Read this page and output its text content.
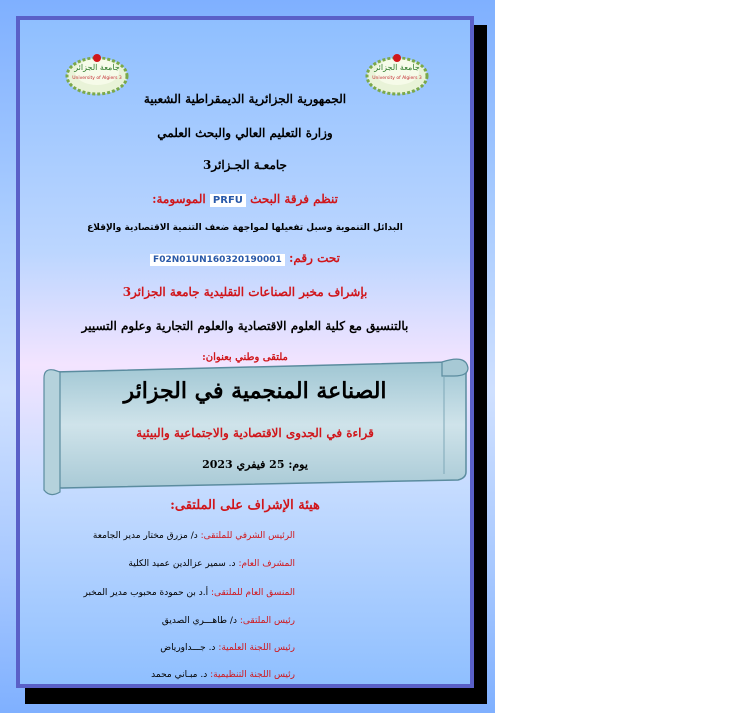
جامعة الجزائر
University of Algiers 3
جامعة الجزائر
University of Algiers 3
الجمهورية الجزائرية الديمقراطية الشعبية
وزارة التعليم العالي والبحث العلمي
جامعـة الجـزائر3
تنظم فرقة البحث PRFU الموسومة:
البدائل التنموية وسبل تفعيلها لمواجهة ضعف التنمية الاقتصادية والإقلاع
تحت رقم: F02N01UN160320190001
بإشراف مخبر الصناعات التقليدية جامعة الجزائر3
بالتنسيق مع كلية العلوم الاقتصادية والعلوم التجارية وعلوم التسيير
ملتقى وطني بعنوان:
الصناعة المنجمية في الجزائر
قراءة في الجدوى الاقتصادية والاجتماعية والبيئية
يوم: 25 فيفري 2023
هيئة الإشراف على الملتقى:
الرئيس الشرفي للملتقى: د/ مزرق مختار مدير الجامعة
المشرف العام: د. سمير عزالدين عميد الكلية
المنسق العام للملتقى: أ.د بن حمودة محبوب مدير المخبر
رئيس الملتقى: د/ طاهـــري الصديق
رئيس اللجنة العلمية: د. جـــداورياض
رئيس اللجنة التنظيمية: د. مبـاني محمد
